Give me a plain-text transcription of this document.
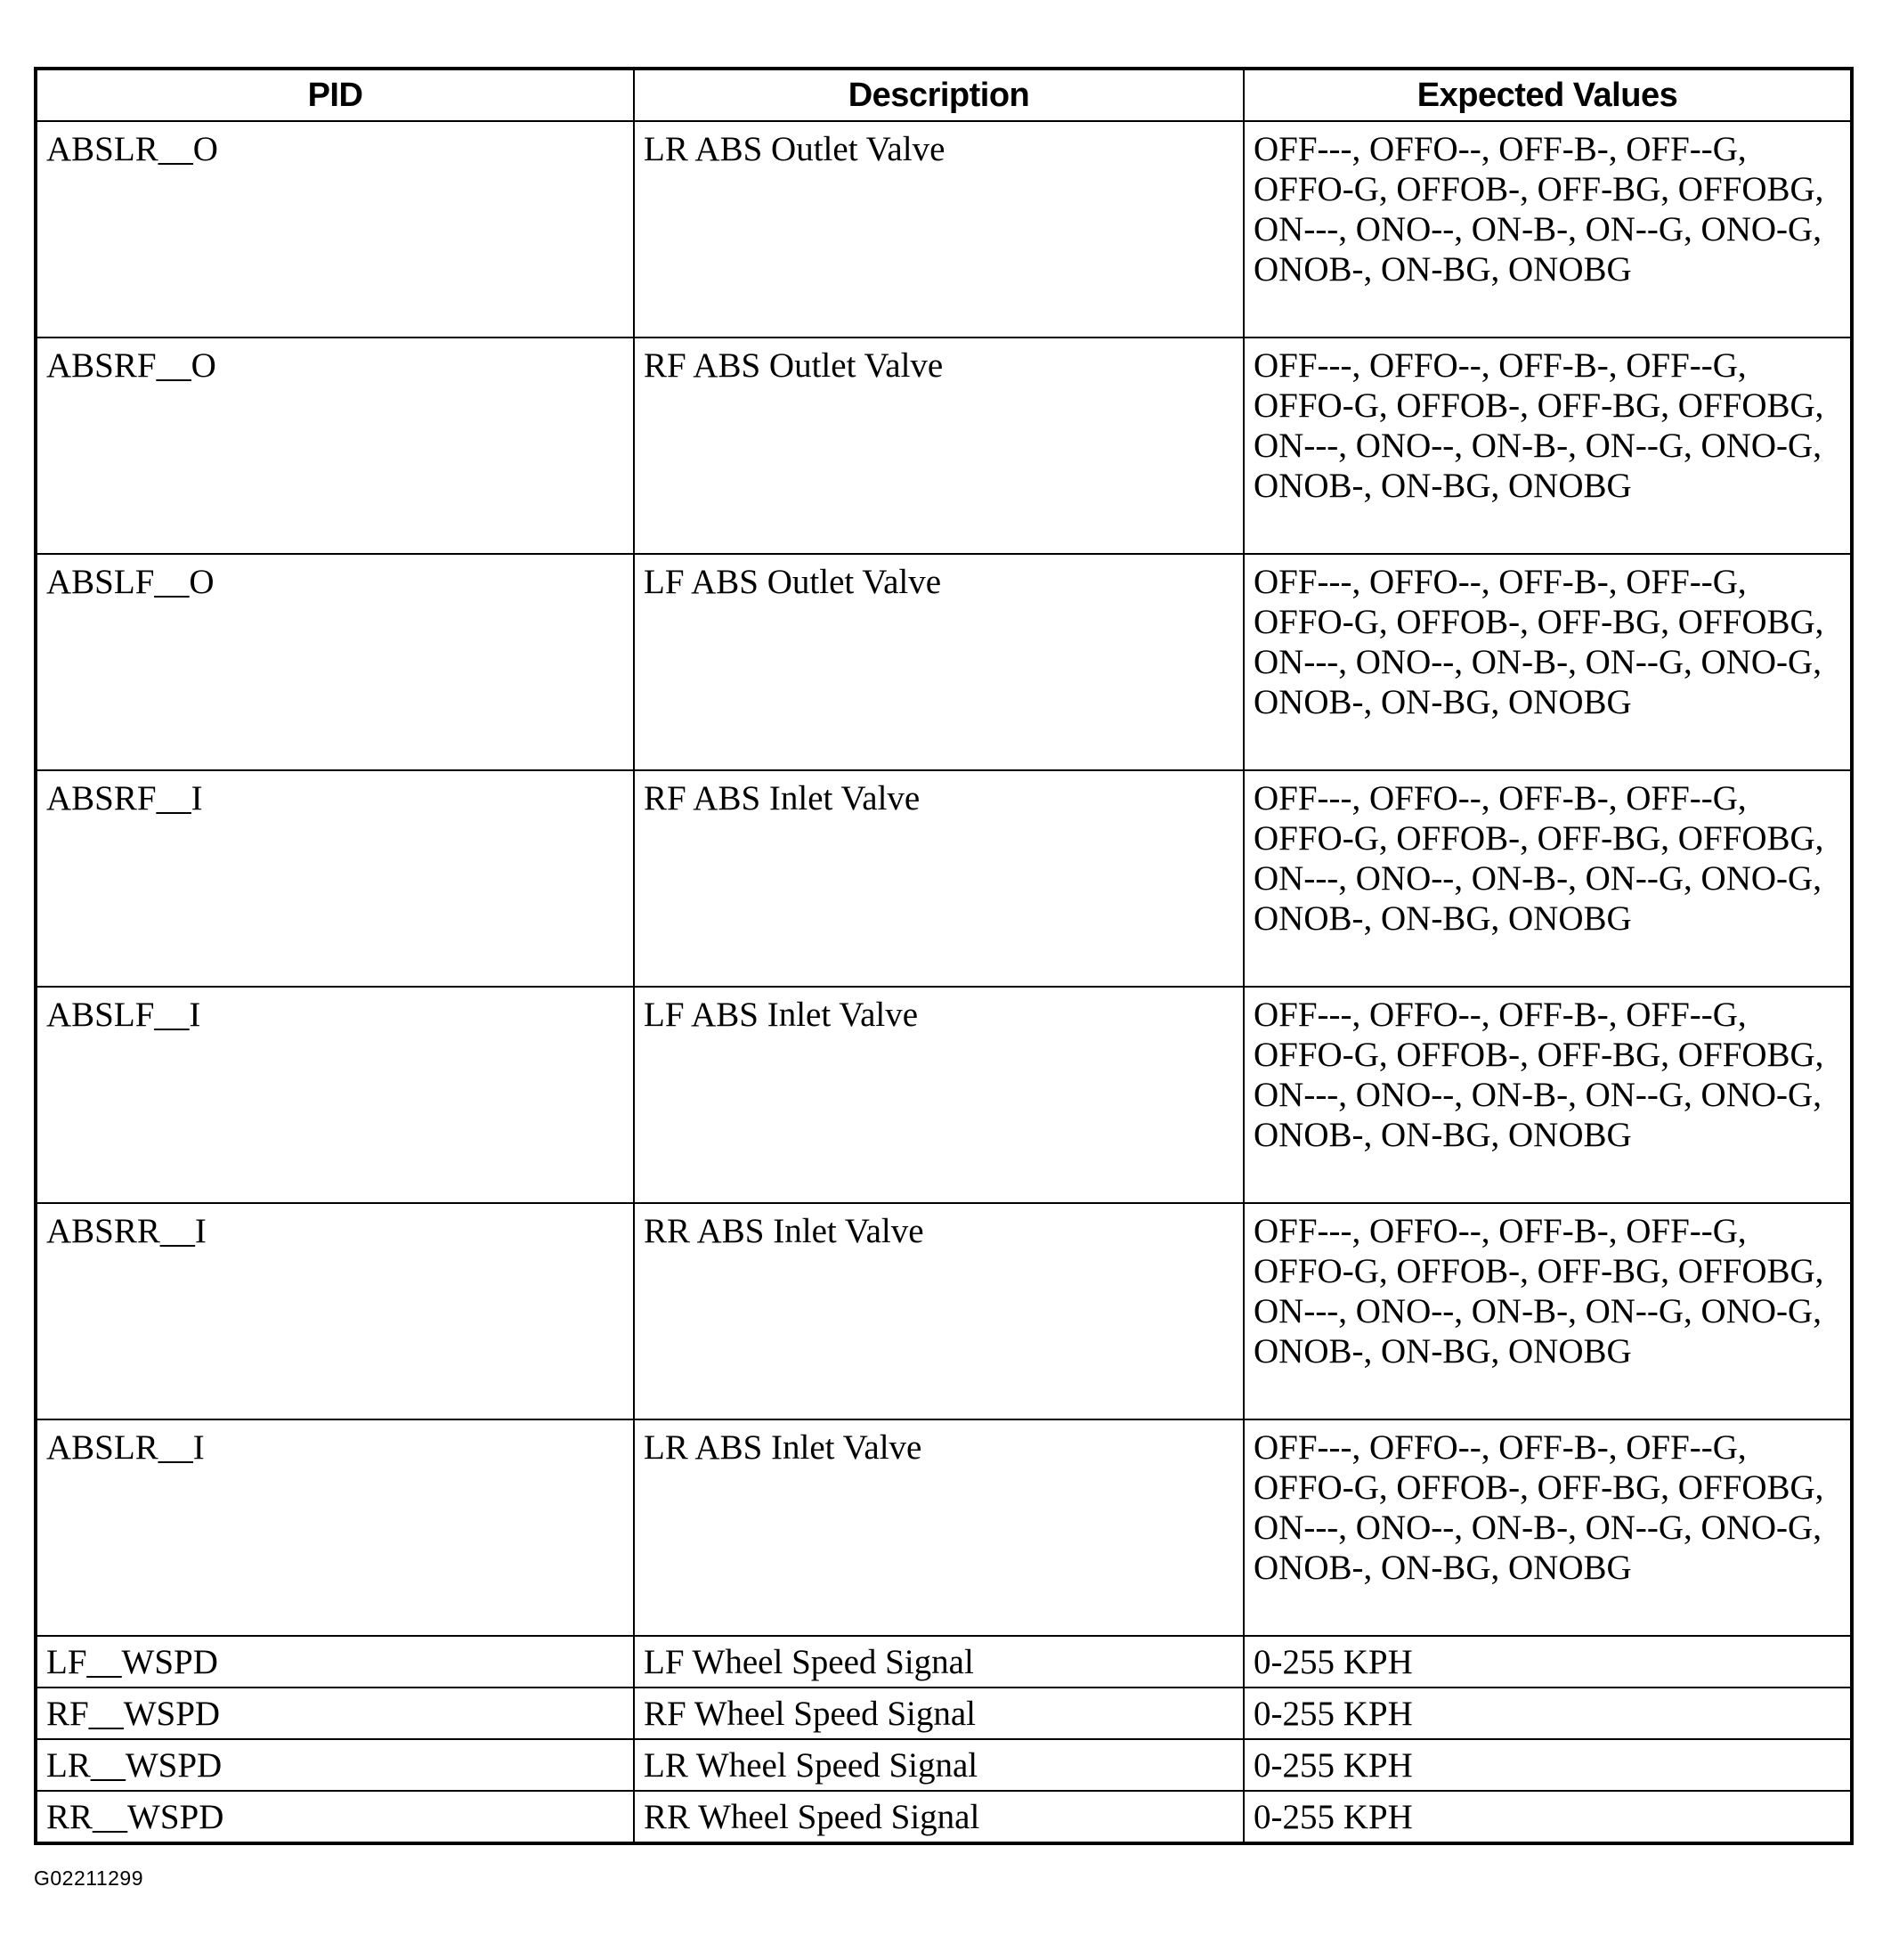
PID	Description	Expected Values
ABSLR__O	LR ABS Outlet Valve	OFF---, OFFO--, OFF-B-, OFF--G, OFFO-G, OFFOB-, OFF-BG, OFFOBG, ON---, ONO--, ON-B-, ON--G, ONO-G, ONOB-, ON-BG, ONOBG
ABSRF__O	RF ABS Outlet Valve	OFF---, OFFO--, OFF-B-, OFF--G, OFFO-G, OFFOB-, OFF-BG, OFFOBG, ON---, ONO--, ON-B-, ON--G, ONO-G, ONOB-, ON-BG, ONOBG
ABSLF__O	LF ABS Outlet Valve	OFF---, OFFO--, OFF-B-, OFF--G, OFFO-G, OFFOB-, OFF-BG, OFFOBG, ON---, ONO--, ON-B-, ON--G, ONO-G, ONOB-, ON-BG, ONOBG
ABSRF__I	RF ABS Inlet Valve	OFF---, OFFO--, OFF-B-, OFF--G, OFFO-G, OFFOB-, OFF-BG, OFFOBG, ON---, ONO--, ON-B-, ON--G, ONO-G, ONOB-, ON-BG, ONOBG
ABSLF__I	LF ABS Inlet Valve	OFF---, OFFO--, OFF-B-, OFF--G, OFFO-G, OFFOB-, OFF-BG, OFFOBG, ON---, ONO--, ON-B-, ON--G, ONO-G, ONOB-, ON-BG, ONOBG
ABSRR__I	RR ABS Inlet Valve	OFF---, OFFO--, OFF-B-, OFF--G, OFFO-G, OFFOB-, OFF-BG, OFFOBG, ON---, ONO--, ON-B-, ON--G, ONO-G, ONOB-, ON-BG, ONOBG
ABSLR__I	LR ABS Inlet Valve	OFF---, OFFO--, OFF-B-, OFF--G, OFFO-G, OFFOB-, OFF-BG, OFFOBG, ON---, ONO--, ON-B-, ON--G, ONO-G, ONOB-, ON-BG, ONOBG
LF__WSPD	LF Wheel Speed Signal	0-255 KPH
RF__WSPD	RF Wheel Speed Signal	0-255 KPH
LR__WSPD	LR Wheel Speed Signal	0-255 KPH
RR__WSPD	RR Wheel Speed Signal	0-255 KPH
G02211299
